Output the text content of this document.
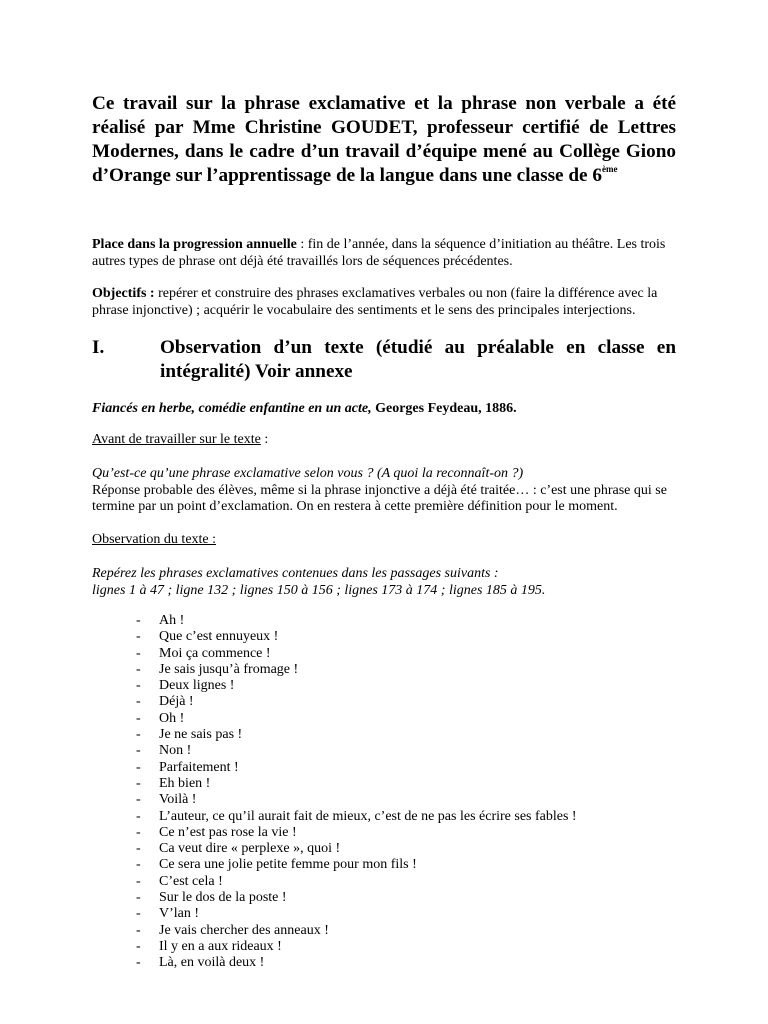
Ce travail sur la phrase exclamative et la phrase non verbale a été réalisé par Mme Christine GOUDET, professeur certifié de Lettres Modernes, dans le cadre d’un travail d’équipe mené au Collège Giono d’Orange sur l’apprentissage de la langue dans une classe de 6ème

Place dans la progression annuelle : fin de l’année, dans la séquence d’initiation au théâtre. Les trois autres types de phrase ont déjà été travaillés lors de séquences précédentes.

Objectifs : repérer et construire des phrases exclamatives verbales ou non (faire la différence avec la phrase injonctive) ; acquérir le vocabulaire des sentiments et le sens des principales interjections.

I.	Observation d’un texte (étudié au préalable en classe en intégralité) Voir annexe

Fiancés en herbe, comédie enfantine en un acte, Georges Feydeau, 1886.

Avant de travailler sur le texte :

Qu’est-ce qu’une phrase exclamative selon vous ? (A quoi la reconnaît-on ?)

Réponse probable des élèves, même si la phrase injonctive a déjà été traitée… : c’est une phrase qui se termine par un point d’exclamation. On en restera à cette première définition pour le moment.

Observation du texte :

Repérez les phrases exclamatives contenues dans les passages suivants :
lignes 1 à 47 ; ligne 132 ; lignes 150 à 156 ; lignes 173 à 174 ; lignes 185 à 195.

-	Ah !
-	Que c’est ennuyeux !
-	Moi ça commence !
-	Je sais jusqu’à fromage !
-	Deux lignes !
-	Déjà !
-	Oh !
-	Je ne sais pas !
-	Non !
-	Parfaitement !
-	Eh bien !
-	Voilà !
-	L’auteur, ce qu’il aurait fait de mieux, c’est de ne pas les écrire ses fables !
-	Ce n’est pas rose la vie !
-	Ca veut dire « perplexe », quoi !
-	Ce sera une jolie petite femme pour mon fils !
-	C’est cela !
-	Sur le dos de la poste !
-	V’lan !
-	Je vais chercher des anneaux !
-	Il y en a aux rideaux !
-	Là, en voilà deux !
